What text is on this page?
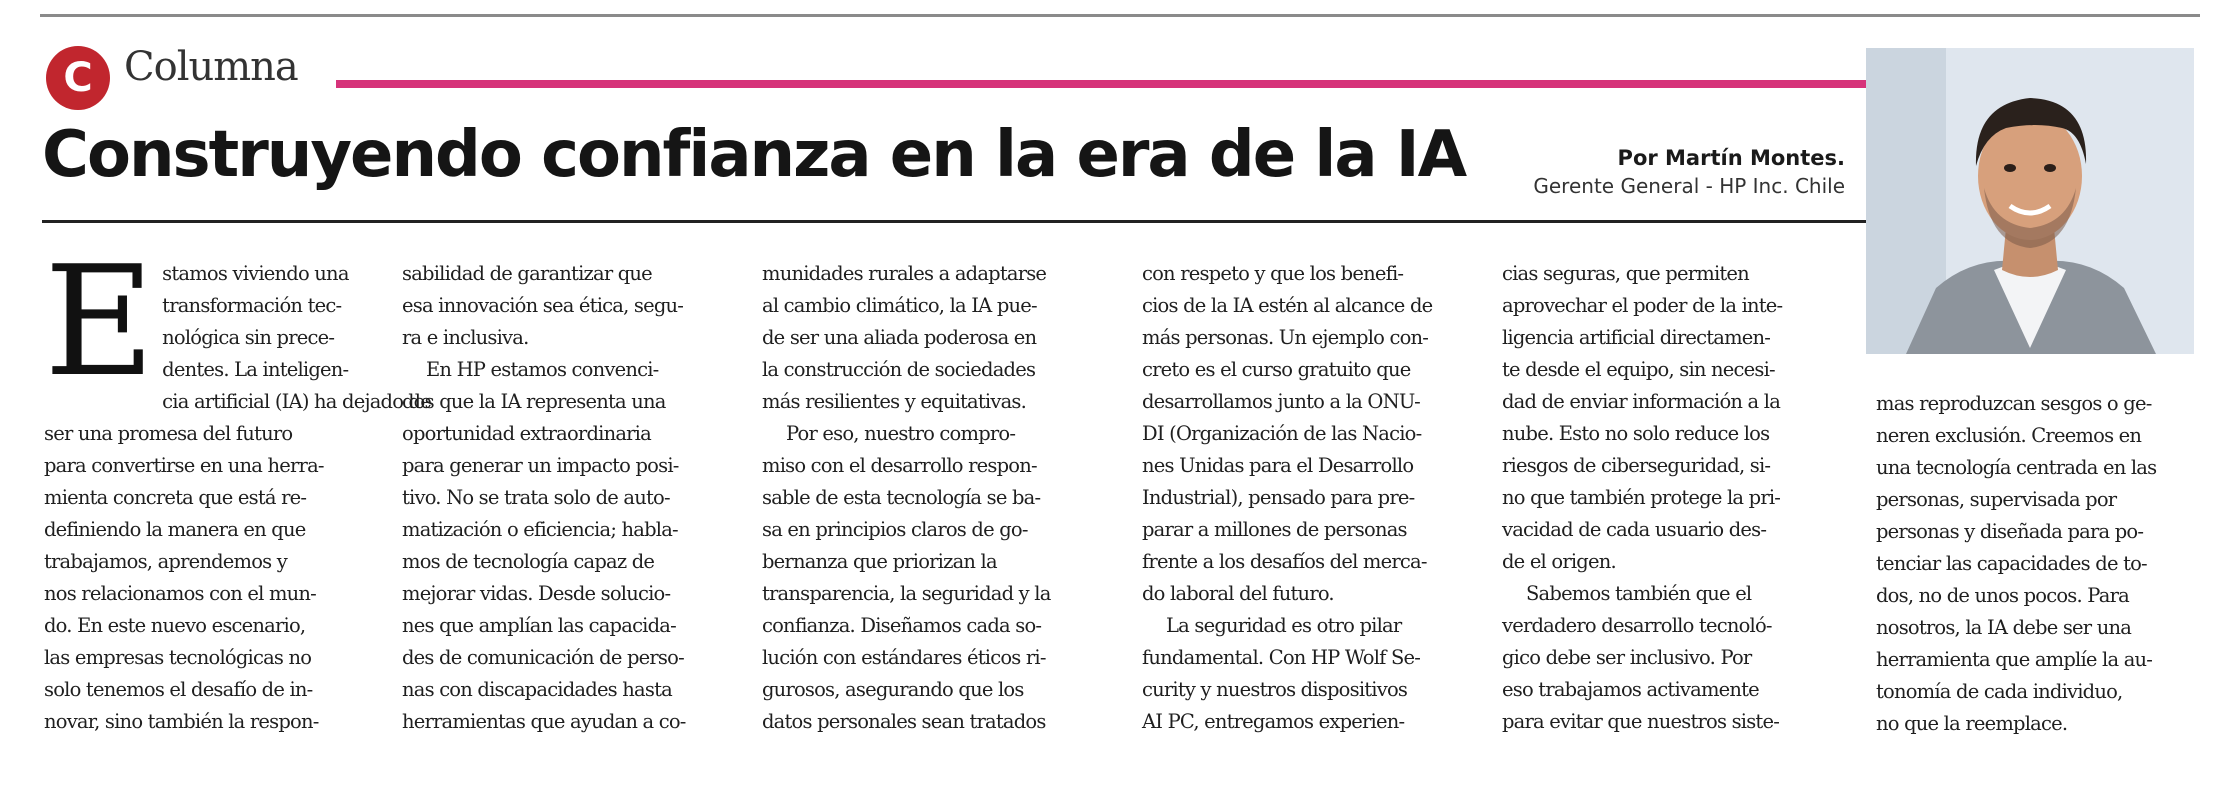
C Columna
Construyendo confianza en la era de la IA	Por Martín Montes.
Gerente General - HP Inc. Chile
E stamos viviendo una
transformación tec-
nológica sin prece-
dentes. La inteligen-
cia artificial (IA) ha dejado de
ser una promesa del futuro
para convertirse en una herra-
mienta concreta que está re-
definiendo la manera en que
trabajamos, aprendemos y
nos relacionamos con el mun-
do. En este nuevo escenario,
las empresas tecnológicas no
solo tenemos el desafío de in-
novar, sino también la respon-

sabilidad de garantizar que
esa innovación sea ética, segu-
ra e inclusiva.

En HP estamos convenci-
dos que la IA representa una
oportunidad extraordinaria
para generar un impacto posi-
tivo. No se trata solo de auto-
matización o eficiencia; habla-
mos de tecnología capaz de
mejorar vidas. Desde solucio-
nes que amplían las capacida-
des de comunicación de perso-
nas con discapacidades hasta
herramientas que ayudan a co-

munidades rurales a adaptarse
al cambio climático, la IA pue-
de ser una aliada poderosa en
la construcción de sociedades
más resilientes y equitativas.

Por eso, nuestro compro-
miso con el desarrollo respon-
sable de esta tecnología se ba-
sa en principios claros de go-
bernanza que priorizan la
transparencia, la seguridad y la
confianza. Diseñamos cada so-
lución con estándares éticos ri-
gurosos, asegurando que los
datos personales sean tratados

con respeto y que los benefi-
cios de la IA estén al alcance de
más personas. Un ejemplo con-
creto es el curso gratuito que
desarrollamos junto a la ONU-
DI (Organización de las Nacio-
nes Unidas para el Desarrollo
Industrial), pensado para pre-
parar a millones de personas
frente a los desafíos del merca-
do laboral del futuro.

La seguridad es otro pilar
fundamental. Con HP Wolf Se-
curity y nuestros dispositivos
AI PC, entregamos experien-

cias seguras, que permiten
aprovechar el poder de la inte-
ligencia artificial directamen-
te desde el equipo, sin necesi-
dad de enviar información a la
nube. Esto no solo reduce los
riesgos de ciberseguridad, si-
no que también protege la pri-
vacidad de cada usuario des-
de el origen.

Sabemos también que el
verdadero desarrollo tecnoló-
gico debe ser inclusivo. Por
eso trabajamos activamente
para evitar que nuestros siste-

mas reproduzcan sesgos o ge-
neren exclusión. Creemos en
una tecnología centrada en las
personas, supervisada por
personas y diseñada para po-
tenciar las capacidades de to-
dos, no de unos pocos. Para
nosotros, la IA debe ser una
herramienta que amplíe la au-
tonomía de cada individuo,
no que la reemplace.
